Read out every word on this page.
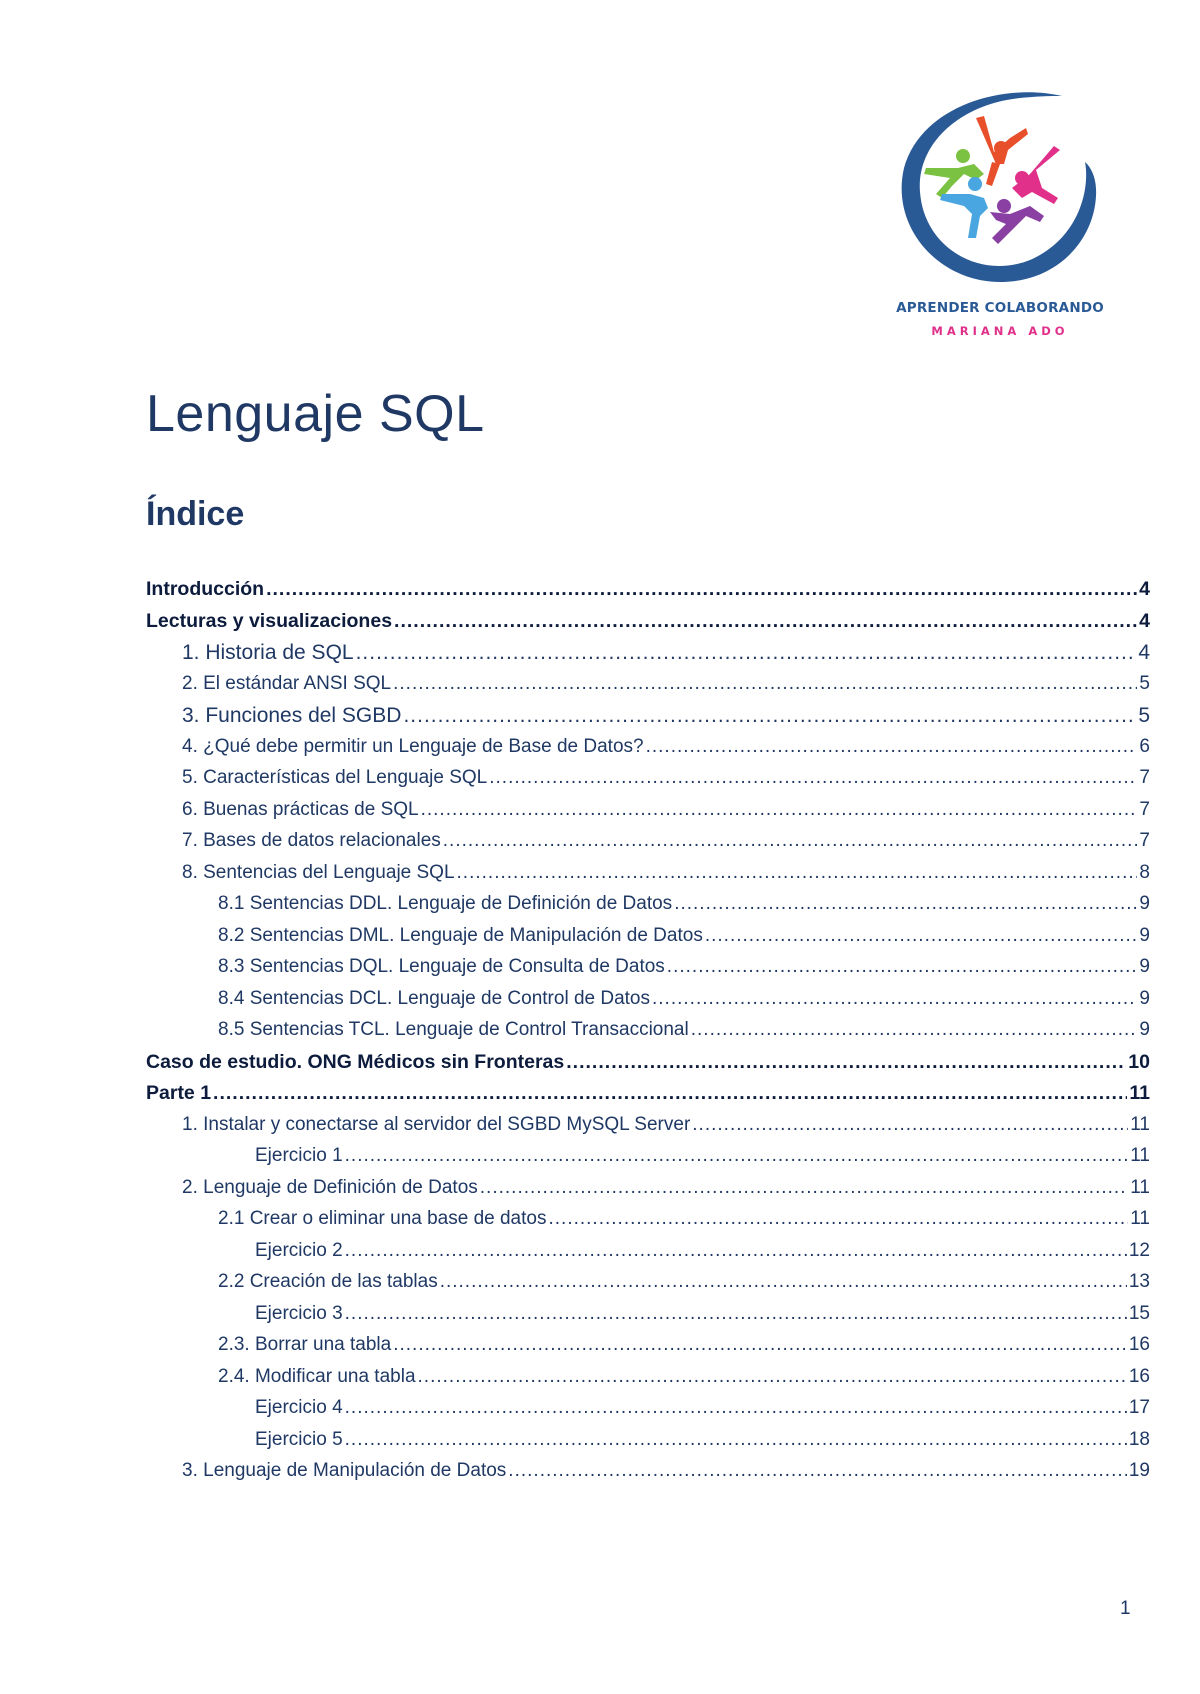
APRENDER COLABORANDO
MARIANA ADO
Lenguaje SQL
Índice
Introducción .....	4
Lecturas y visualizaciones .....	4
1. Historia de SQL .....	4
2. El estándar ANSI SQL .....	5
3. Funciones del SGBD .....	5
4. ¿Qué debe permitir un Lenguaje de Base de Datos? .....	6
5. Características del Lenguaje SQL .....	7
6. Buenas prácticas de SQL .....	7
7. Bases de datos relacionales .....	7
8. Sentencias del Lenguaje SQL .....	8
8.1 Sentencias DDL. Lenguaje de Definición de Datos .....	9
8.2 Sentencias DML. Lenguaje de Manipulación de Datos .....	9
8.3 Sentencias DQL. Lenguaje de Consulta de Datos .....	9
8.4 Sentencias DCL. Lenguaje de Control de Datos .....	9
8.5 Sentencias TCL. Lenguaje de Control Transaccional .....	9
Caso de estudio. ONG Médicos sin Fronteras .....	10
Parte 1 .....	11
1. Instalar y conectarse al servidor del SGBD MySQL Server .....	11
Ejercicio 1 .....	11
2. Lenguaje de Definición de Datos .....	11
2.1 Crear o eliminar una base de datos .....	11
Ejercicio 2 .....	12
2.2 Creación de las tablas .....	13
Ejercicio 3 .....	15
2.3. Borrar una tabla .....	16
2.4. Modificar una tabla .....	16
Ejercicio 4 .....	17
Ejercicio 5 .....	18
3. Lenguaje de Manipulación de Datos .....	19
1
